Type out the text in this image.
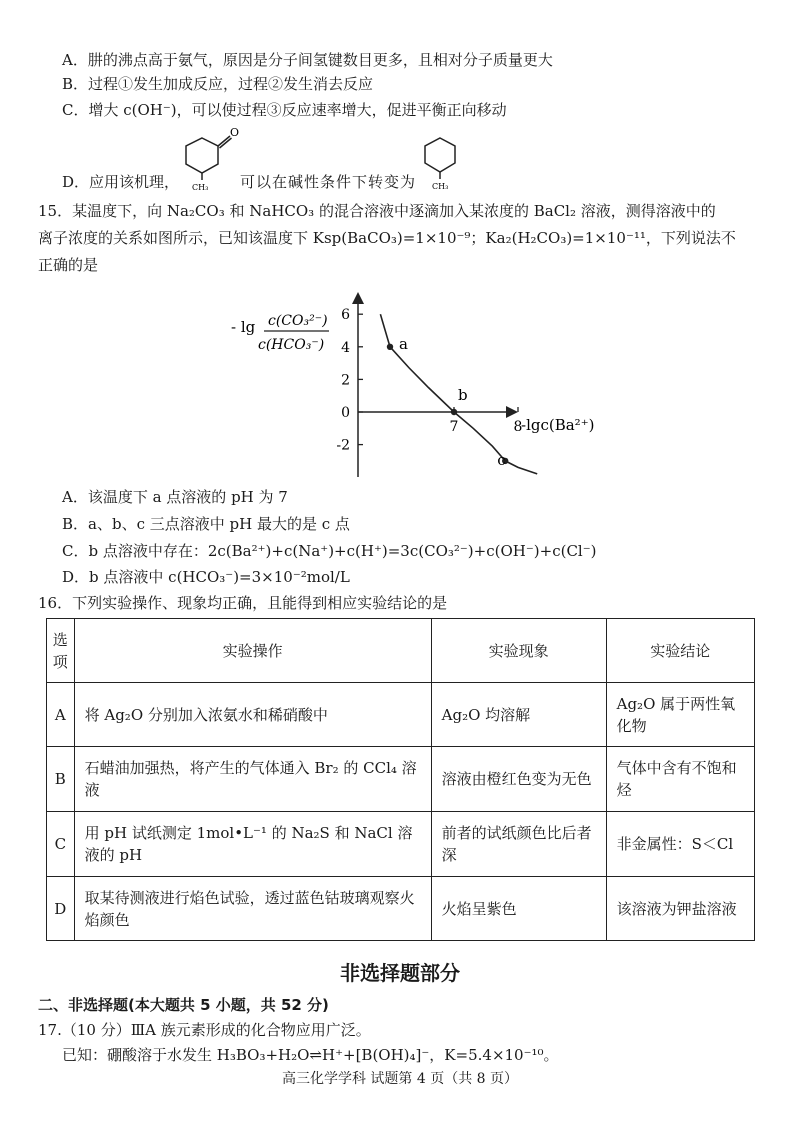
A．肼的沸点高于氨气，原因是分子间氢键数目更多，且相对分子质量更大
B．过程①发生加成反应，过程②发生消去反应
C．增大 c(OH⁻)，可以使过程③反应速率增大，促进平衡正向移动
D．应用该机理，
O
CH₃ 可以在碱性条件下转变为 CH₃
15．某温度下，向 Na₂CO₃ 和 NaHCO₃ 的混合溶液中逐滴加入某浓度的 BaCl₂ 溶液，测得溶液中的
离子浓度的关系如图所示，已知该温度下 Ksp(BaCO₃)=1×10⁻⁹；Ka₂(H₂CO₃)=1×10⁻¹¹，下列说法不
正确的是
6
4
2
0
-2
7	8
a
b
c
- lg c(CO₃²⁻)
c(HCO₃⁻)
-lgc(Ba²⁺)
A．该温度下 a 点溶液的 pH 为 7
B．a、b、c 三点溶液中 pH 最大的是 c 点
C．b 点溶液中存在：2c(Ba²⁺)+c(Na⁺)+c(H⁺)=3c(CO₃²⁻)+c(OH⁻)+c(Cl⁻)
D．b 点溶液中 c(HCO₃⁻)=3×10⁻²mol/L
16．下列实验操作、现象均正确，且能得到相应实验结论的是
选项	实验操作	实验现象	实验结论
A	将 Ag₂O 分别加入浓氨水和稀硝酸中	Ag₂O 均溶解	Ag₂O 属于两性氧化物
B	石蜡油加强热，将产生的气体通入 Br₂ 的 CCl₄ 溶液	溶液由橙红色变为无色	气体中含有不饱和烃
C	用 pH 试纸测定 1mol•L⁻¹ 的 Na₂S 和 NaCl 溶液的 pH	前者的试纸颜色比后者深	非金属性：S＜Cl
D	取某待测液进行焰色试验，透过蓝色钴玻璃观察火焰颜色	火焰呈紫色	该溶液为钾盐溶液
非选择题部分
二、非选择题(本大题共 5 小题，共 52 分)
17.（10 分）ⅢA 族元素形成的化合物应用广泛。
已知：硼酸溶于水发生 H₃BO₃+H₂O⇌H⁺+[B(OH)₄]⁻，K=5.4×10⁻¹⁰。
高三化学学科 试题第 4 页（共 8 页）
